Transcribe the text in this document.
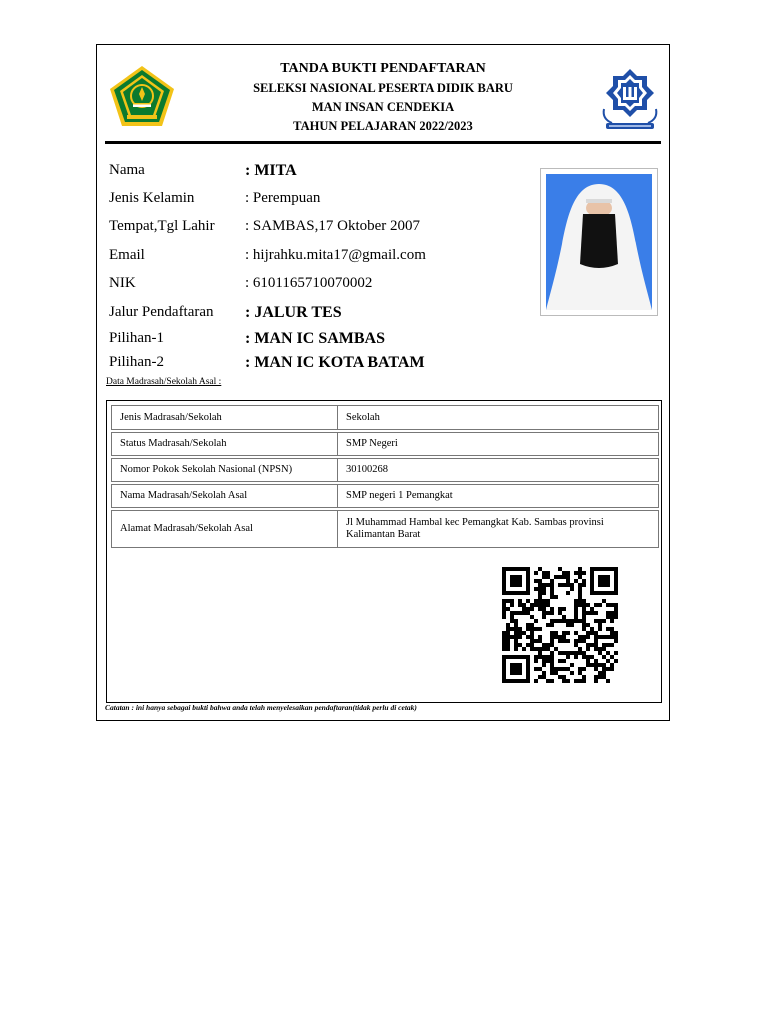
TANDA BUKTI PENDAFTARAN
SELEKSI NASIONAL PESERTA DIDIK BARU
MAN INSAN CENDEKIA
TAHUN PELAJARAN 2022/2023
Nama	: MITA
Jenis Kelamin	: Perempuan
Tempat,Tgl Lahir : SAMBAS,17 Oktober 2007
Email	: hijrahku.mita17@gmail.com
NIK	: 6101165710070002
Jalur Pendaftaran : JALUR TES
Pilihan-1	: MAN IC SAMBAS
Pilihan-2	: MAN IC KOTA BATAM
Data Madrasah/Sekolah Asal :
Jenis Madrasah/Sekolah	Sekolah
Status Madrasah/Sekolah	SMP Negeri
Nomor Pokok Sekolah Nasional (NPSN)	30100268
Nama Madrasah/Sekolah Asal	SMP negeri 1 Pemangkat
Alamat Madrasah/Sekolah Asal	Jl Muhammad Hambal kec Pemangkat Kab. Sambas provinsi Kalimantan Barat
Catatan : ini hanya sebagai bukti bahwa anda telah menyelesaikan pendaftaran(tidak perlu di cetak)
